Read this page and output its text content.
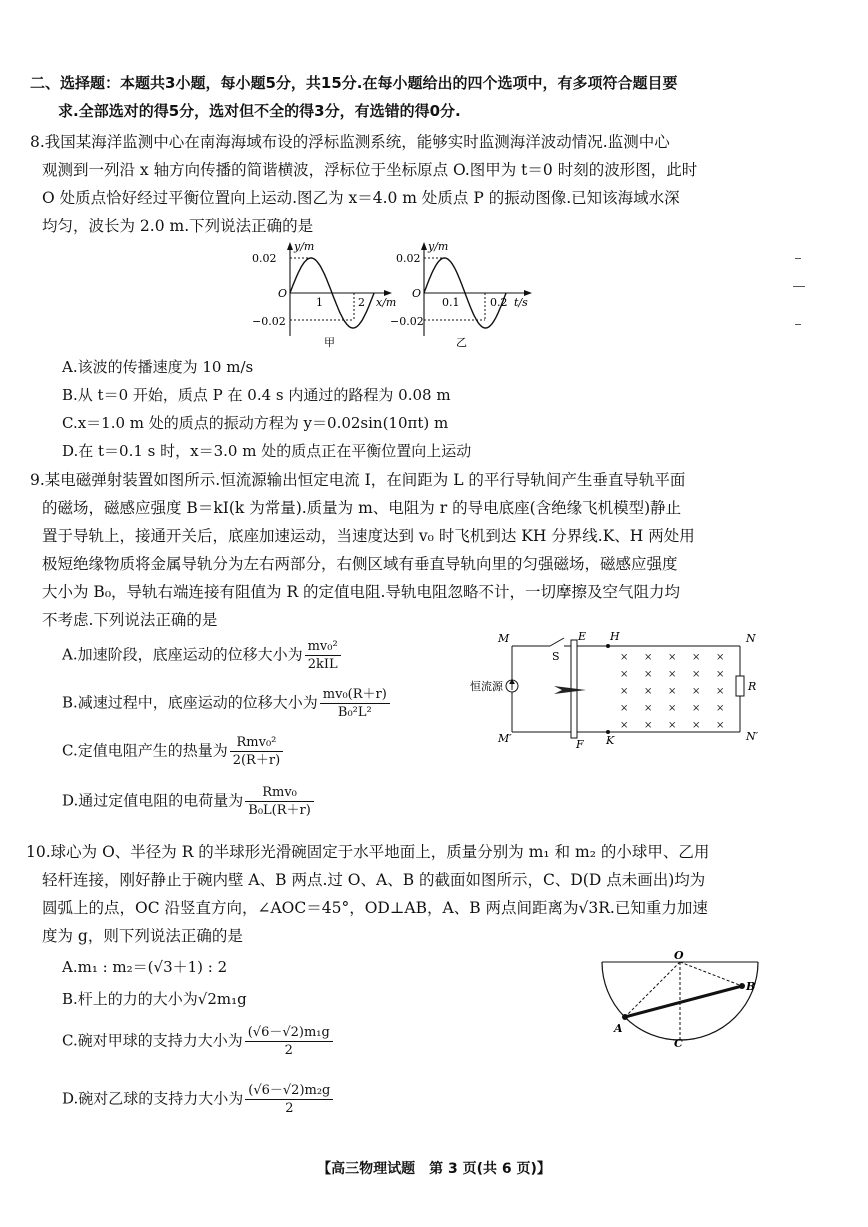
二、选择题：本题共3小题，每小题5分，共15分.在每小题给出的四个选项中，有多项符合题目要
求.全部选对的得5分，选对但不全的得3分，有选错的得0分.
8.我国某海洋监测中心在南海海域布设的浮标监测系统，能够实时监测海洋波动情况.监测中心
观测到一列沿 x 轴方向传播的简谐横波，浮标位于坐标原点 O.图甲为 t＝0 时刻的波形图，此时
O 处质点恰好经过平衡位置向上运动.图乙为 x＝4.0 m 处质点 P 的振动图像.已知该海域水深
均匀，波长为 2.0 m.下列说法正确的是
y/m
0.02
−0.02
O
1	2 x/m
甲
y/m
0.02
−0.02
O
0.1	0.2 t/s
乙
A.该波的传播速度为 10 m/s
B.从 t＝0 开始，质点 P 在 0.4 s 内通过的路程为 0.08 m
C.x＝1.0 m 处的质点的振动方程为 y＝0.02sin(10πt) m
D.在 t＝0.1 s 时，x＝3.0 m 处的质点正在平衡位置向上运动
9.某电磁弹射装置如图所示.恒流源输出恒定电流 I，在间距为 L 的平行导轨间产生垂直导轨平面
的磁场，磁感应强度 B＝kI(k 为常量).质量为 m、电阻为 r 的导电底座(含绝缘飞机模型)静止
置于导轨上，接通开关后，底座加速运动，当速度达到 v₀ 时飞机到达 KH 分界线.K、H 两处用
极短绝缘物质将金属导轨分为左右两部分，右侧区域有垂直导轨向里的匀强磁场，磁感应强度
大小为 B₀，导轨右端连接有阻值为 R 的定值电阻.导轨电阻忽略不计，一切摩擦及空气阻力均
不考虑.下列说法正确的是
A.加速阶段，底座运动的位移大小为 $\frac{\text{mv₀²}}{\text{2kIL}}$
B.减速过程中，底座运动的位移大小为 $\frac{\text{mv₀(R＋r)}}{\text{B₀²L²}}$
C.定值电阻产生的热量为 $\frac{\text{Rmv₀²}}{2(R+r)}$
D.通过定值电阻的电荷量为 $\frac{\text{Rmv₀}}{\text{B₀L(R＋r)}}$
× × × × ×
× × × × ×
× × × × ×
× × × × ×
× × × × ×
M	N
M′	N′
E
F
H
K
S
R
恒流源
10.球心为 O、半径为 R 的半球形光滑碗固定于水平地面上，质量分别为 m₁ 和 m₂ 的小球甲、乙用
轻杆连接，刚好静止于碗内壁 A、B 两点.过 O、A、B 的截面如图所示，C、D(D 点未画出)均为
圆弧上的点，OC 沿竖直方向，∠AOC＝45°，OD⊥AB，A、B 两点间距离为√3R.已知重力加速
度为 g，则下列说法正确的是
A.m₁ : m₂＝(√3＋1) : 2
B.杆上的力的大小为√2m₁g
C.碗对甲球的支持力大小为 $\frac{\text{(√6－√2)m₁g}}{2}$
D.碗对乙球的支持力大小为 $\frac{\text{(√6－√2)m₂g}}{2}$
O
A
B
C
【高三物理试题　第 3 页(共 6 页)】
